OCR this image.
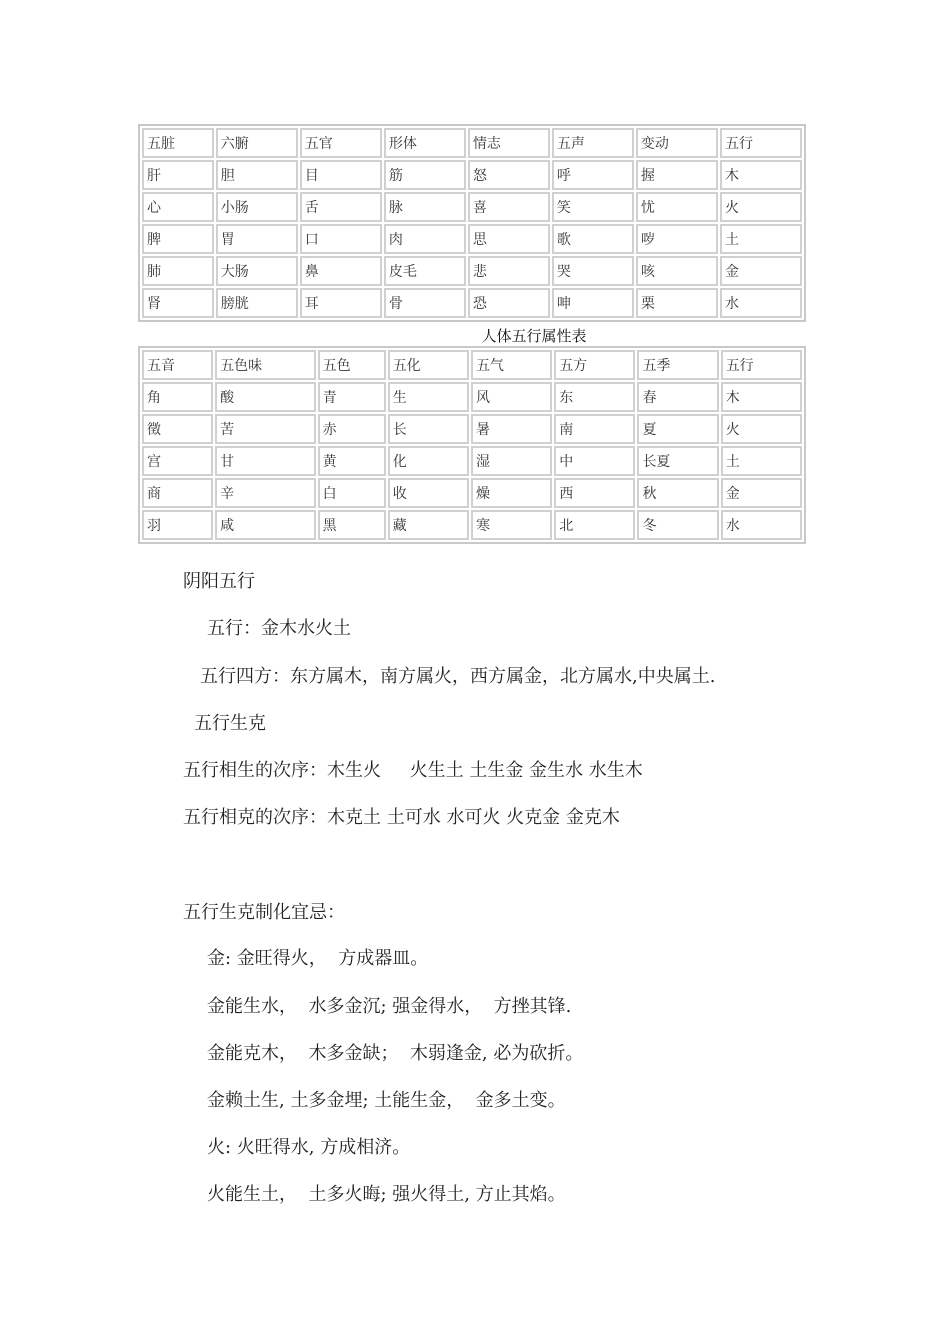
五脏	六腑	五官	形体	情志	五声	变动	五行
肝	胆	目	筋	怒	呼	握	木
心	小肠	舌	脉	喜	笑	忧	火
脾	胃	口	肉	思	歌	哕	土
肺	大肠	鼻	皮毛	悲	哭	咳	金
肾	膀胱	耳	骨	恐	呻	栗	水
人体五行属性表
五音	五色味	五色	五化	五气	五方	五季	五行
角	酸	青	生	风	东	春	木
徵	苦	赤	长	暑	南	夏	火
宫	甘	黄	化	湿	中	长夏	土
商	辛	白	收	燥	西	秋	金
羽	咸	黑	藏	寒	北	冬	水
阴阳五行
五行：金木水火土
五行四方：东方属木，南方属火，西方属金，北方属水,中央属土.
五行生克
五行相生的次序：木生火     火生土 土生金 金生水 水生木
五行相克的次序：木克土 土可水 水可火 火克金 金克木
五行生克制化宜忌：
金: 金旺得火，  方成器皿。
金能生水，  水多金沉; 强金得水，  方挫其锋.
金能克木，  木多金缺；  木弱逢金, 必为砍折。
金赖土生, 土多金埋; 土能生金，  金多土变。
火: 火旺得水, 方成相济。
火能生土，  土多火晦; 强火得土, 方止其焰。
